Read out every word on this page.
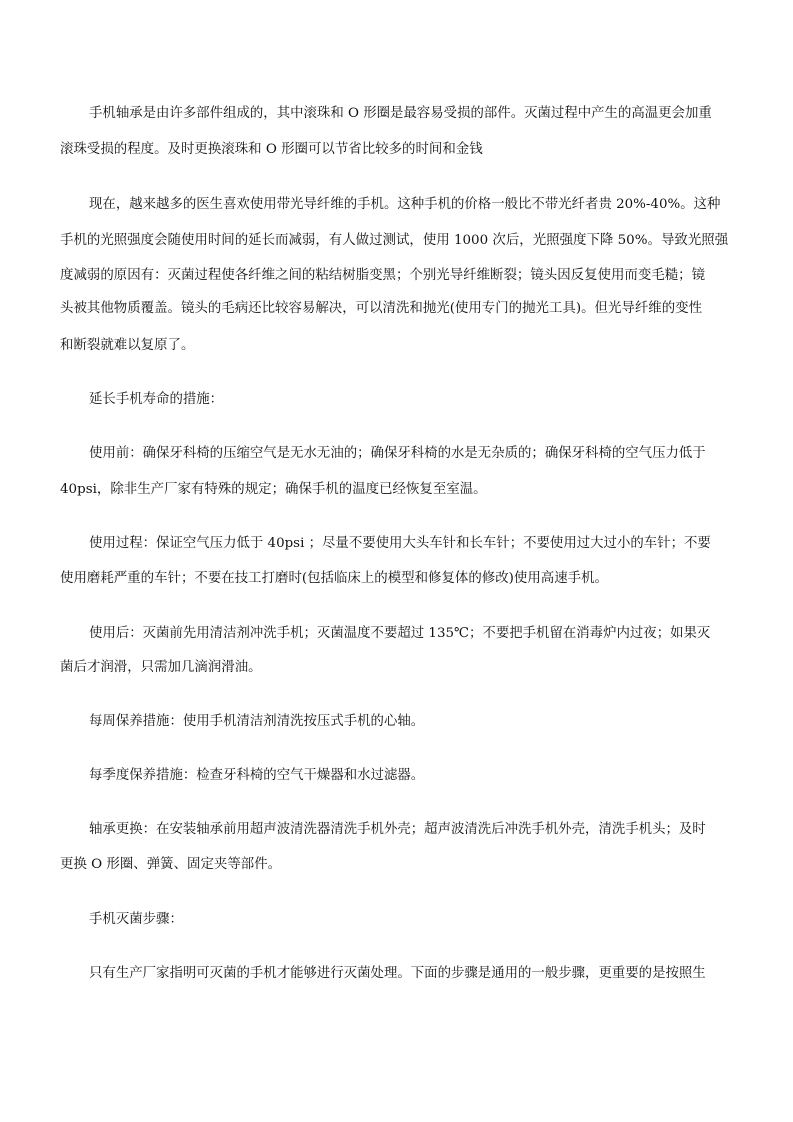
手机轴承是由许多部件组成的，其中滚珠和 O 形圈是最容易受损的部件。灭菌过程中产生的高温更会加重

滚珠受损的程度。及时更换滚珠和 O 形圈可以节省比较多的时间和金钱

现在，越来越多的医生喜欢使用带光导纤维的手机。这种手机的价格一般比不带光纤者贵 20%-40%。这种

手机的光照强度会随使用时间的延长而减弱，有人做过测试，使用 1000 次后，光照强度下降 50%。导致光照强

度减弱的原因有：灭菌过程使各纤维之间的粘结树脂变黑；个别光导纤维断裂；镜头因反复使用而变毛糙；镜

头被其他物质覆盖。镜头的毛病还比较容易解决，可以清洗和抛光(使用专门的抛光工具)。但光导纤维的变性

和断裂就难以复原了。

延长手机寿命的措施：

使用前：确保牙科椅的压缩空气是无水无油的；确保牙科椅的水是无杂质的；确保牙科椅的空气压力低于

40psi，除非生产厂家有特殊的规定；确保手机的温度已经恢复至室温。

使用过程：保证空气压力低于 40psi ；尽量不要使用大头车针和长车针；不要使用过大过小的车针；不要

使用磨耗严重的车针；不要在技工打磨时(包括临床上的模型和修复体的修改)使用高速手机。

使用后：灭菌前先用清洁剂冲洗手机；灭菌温度不要超过 135℃；不要把手机留在消毒炉内过夜；如果灭

菌后才润滑，只需加几滴润滑油。

每周保养措施：使用手机清洁剂清洗按压式手机的心轴。

每季度保养措施：检查牙科椅的空气干燥器和水过滤器。

轴承更换：在安装轴承前用超声波清洗器清洗手机外壳；超声波清洗后冲洗手机外壳，清洗手机头；及时

更换 O 形圈、弹簧、固定夹等部件。

手机灭菌步骤：

只有生产厂家指明可灭菌的手机才能够进行灭菌处理。下面的步骤是通用的一般步骤，更重要的是按照生
